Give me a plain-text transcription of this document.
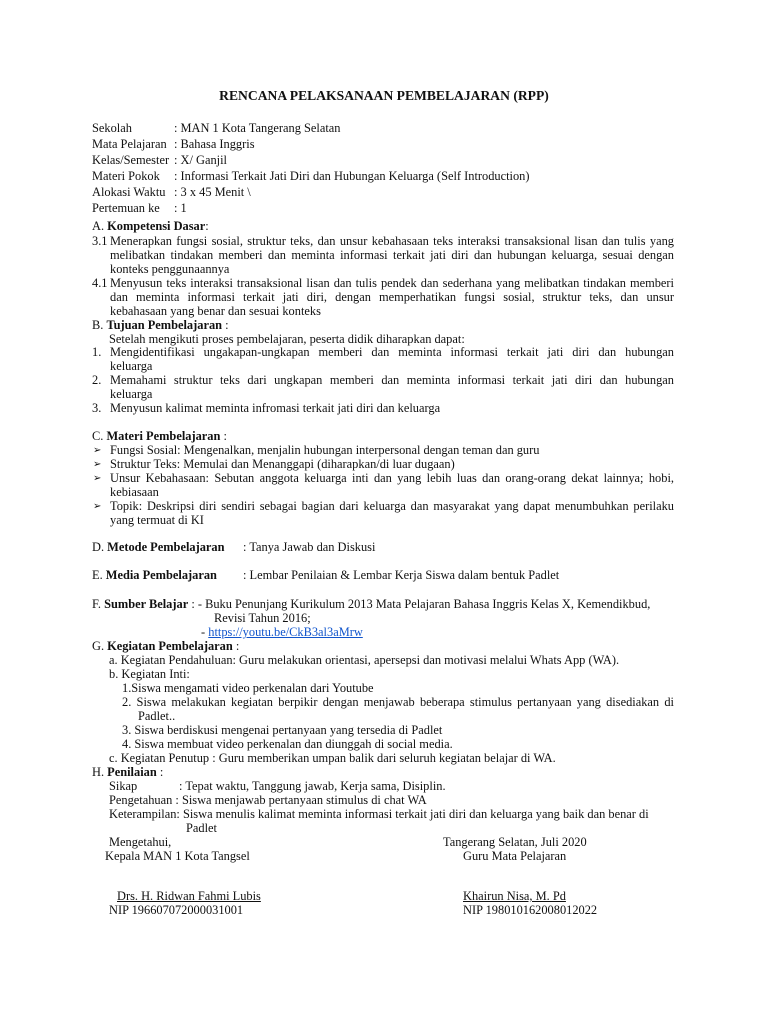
RENCANA PELAKSANAAN PEMBELAJARAN (RPP)
Sekolah	: MAN 1 Kota Tangerang Selatan
Mata Pelajaran : Bahasa Inggris
Kelas/Semester : X/ Ganjil
Materi Pokok : Informasi Terkait Jati Diri dan Hubungan Keluarga (Self Introduction)
Alokasi Waktu : 3 x 45 Menit \
Pertemuan ke : 1
A. Kompetensi Dasar:
3.1 Menerapkan fungsi sosial, struktur teks, dan unsur kebahasaan teks interaksi transaksional lisan dan tulis yang
melibatkan tindakan memberi dan meminta informasi terkait jati diri dan hubungan keluarga, sesuai dengan
konteks penggunaannya
4.1 Menyusun teks interaksi transaksional lisan dan tulis pendek dan sederhana yang melibatkan tindakan memberi
dan meminta informasi terkait jati diri, dengan memperhatikan fungsi sosial, struktur teks, dan unsur
kebahasaan yang benar dan sesuai konteks
B. Tujuan Pembelajaran :
Setelah mengikuti proses pembelajaran, peserta didik diharapkan dapat:
1. Mengidentifikasi ungakapan-ungkapan memberi dan meminta informasi terkait jati diri dan hubungan
keluarga
2. Memahami struktur teks dari ungkapan memberi dan meminta informasi terkait jati diri dan hubungan
keluarga
3. Menyusun kalimat meminta infromasi terkait jati diri dan keluarga
C. Materi Pembelajaran :
➢ Fungsi Sosial: Mengenalkan, menjalin hubungan interpersonal dengan teman dan guru
➢ Struktur Teks: Memulai dan Menanggapi (diharapkan/di luar dugaan)
➢ Unsur Kebahasaan: Sebutan anggota keluarga inti dan yang lebih luas dan orang-orang dekat lainnya; hobi,
kebiasaan
➢ Topik: Deskripsi diri sendiri sebagai bagian dari keluarga dan masyarakat yang dapat menumbuhkan perilaku
yang termuat di KI
D. Metode Pembelajaran : Tanya Jawab dan Diskusi
E. Media Pembelajaran : Lembar Penilaian & Lembar Kerja Siswa dalam bentuk Padlet
F. Sumber Belajar : - Buku Penunjang Kurikulum 2013 Mata Pelajaran Bahasa Inggris Kelas X, Kemendikbud,
Revisi Tahun 2016;
- https://youtu.be/CkB3al3aMrw
G. Kegiatan Pembelajaran :
a. Kegiatan Pendahuluan: Guru melakukan orientasi, apersepsi dan motivasi melalui Whats App (WA).
b. Kegiatan Inti:
1.Siswa mengamati video perkenalan dari Youtube
2. Siswa melakukan kegiatan berpikir dengan menjawab beberapa stimulus pertanyaan yang disediakan di
Padlet..
3. Siswa berdiskusi mengenai pertanyaan yang tersedia di Padlet
4. Siswa membuat video perkenalan dan diunggah di social media.
c. Kegiatan Penutup : Guru memberikan umpan balik dari seluruh kegiatan belajar di WA.
H. Penilaian :
Sikap	: Tepat waktu, Tanggung jawab, Kerja sama, Disiplin.
Pengetahuan : Siswa menjawab pertanyaan stimulus di chat WA
Keterampilan: Siswa menulis kalimat meminta informasi terkait jati diri dan keluarga yang baik dan benar di
Padlet
Mengetahui,
Kepala MAN 1 Kota Tangsel
Drs. H. Ridwan Fahmi Lubis
NIP 196607072000031001
Tangerang Selatan, Juli 2020
Guru Mata Pelajaran
Khairun Nisa, M. Pd
NIP 198010162008012022
